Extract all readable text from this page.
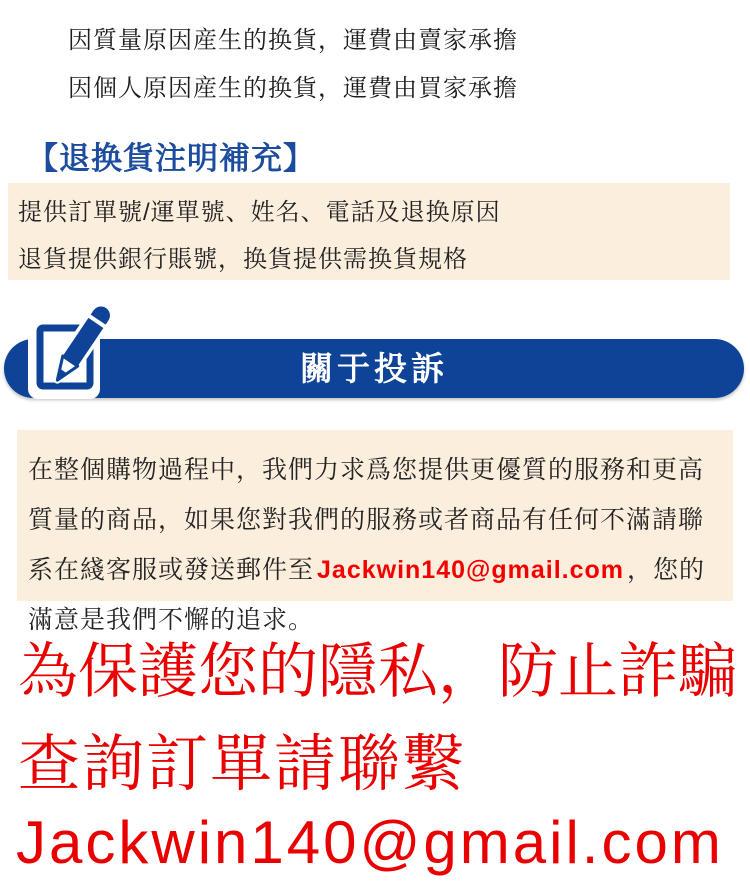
因質量原因産生的换貨，運費由賣家承擔

因個人原因産生的换貨，運費由買家承擔

【退换貨注明補充】

提供訂單號/運單號、姓名、電話及退换原因

退貨提供銀行賬號，换貨提供需换貨規格

關于投訴

在整個購物過程中，我們力求爲您提供更優質的服務和更高質量的商品，如果您對我們的服務或者商品有任何不滿請聯系在綫客服或發送郵件至 Jackwin140@gmail.com ，您的滿意是我們不懈的追求。

為保護您的隱私，防止詐騙

查詢訂單請聯繫

Jackwin140@gmail.com
